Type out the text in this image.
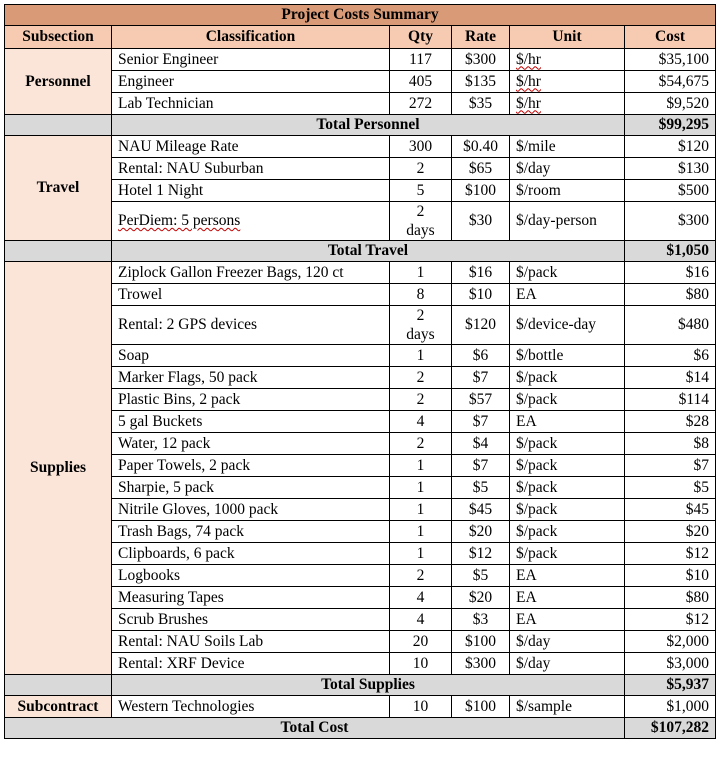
Project Costs Summary					
Subsection	Classification	Qty	Rate	Unit	Cost
Personnel	Senior Engineer	117	$300	$/hr	$35,100
	Engineer	405	$135	$/hr	$54,675
	Lab Technician	272	$35	$/hr	$9,520
	Total Personnel				$99,295
Travel	NAU Mileage Rate	300	$0.40	$/mile	$120
	Rental: NAU Suburban	2	$65	$/day	$130
	Hotel 1 Night	5	$100	$/room	$500
	PerDiem: 5 persons	2
days	$30	$/day-person	$300
	Total Travel				$1,050
Supplies	Ziplock Gallon Freezer Bags, 120 ct	1	$16	$/pack	$16
	Trowel	8	$10	EA	$80
	Rental: 2 GPS devices	2
days	$120	$/device-day	$480
	Soap	1	$6	$/bottle	$6
	Marker Flags, 50 pack	2	$7	$/pack	$14
	Plastic Bins, 2 pack	2	$57	$/pack	$114
	5 gal Buckets	4	$7	EA	$28
	Water, 12 pack	2	$4	$/pack	$8
	Paper Towels, 2 pack	1	$7	$/pack	$7
	Sharpie, 5 pack	1	$5	$/pack	$5
	Nitrile Gloves, 1000 pack	1	$45	$/pack	$45
	Trash Bags, 74 pack	1	$20	$/pack	$20
	Clipboards, 6 pack	1	$12	$/pack	$12
	Logbooks	2	$5	EA	$10
	Measuring Tapes	4	$20	EA	$80
	Scrub Brushes	4	$3	EA	$12
	Rental: NAU Soils Lab	20	$100	$/day	$2,000
	Rental: XRF Device	10	$300	$/day	$3,000
	Total Supplies				$5,937
Subcontract	Western Technologies	10	$100	$/sample	$1,000
Total Cost					$107,282
